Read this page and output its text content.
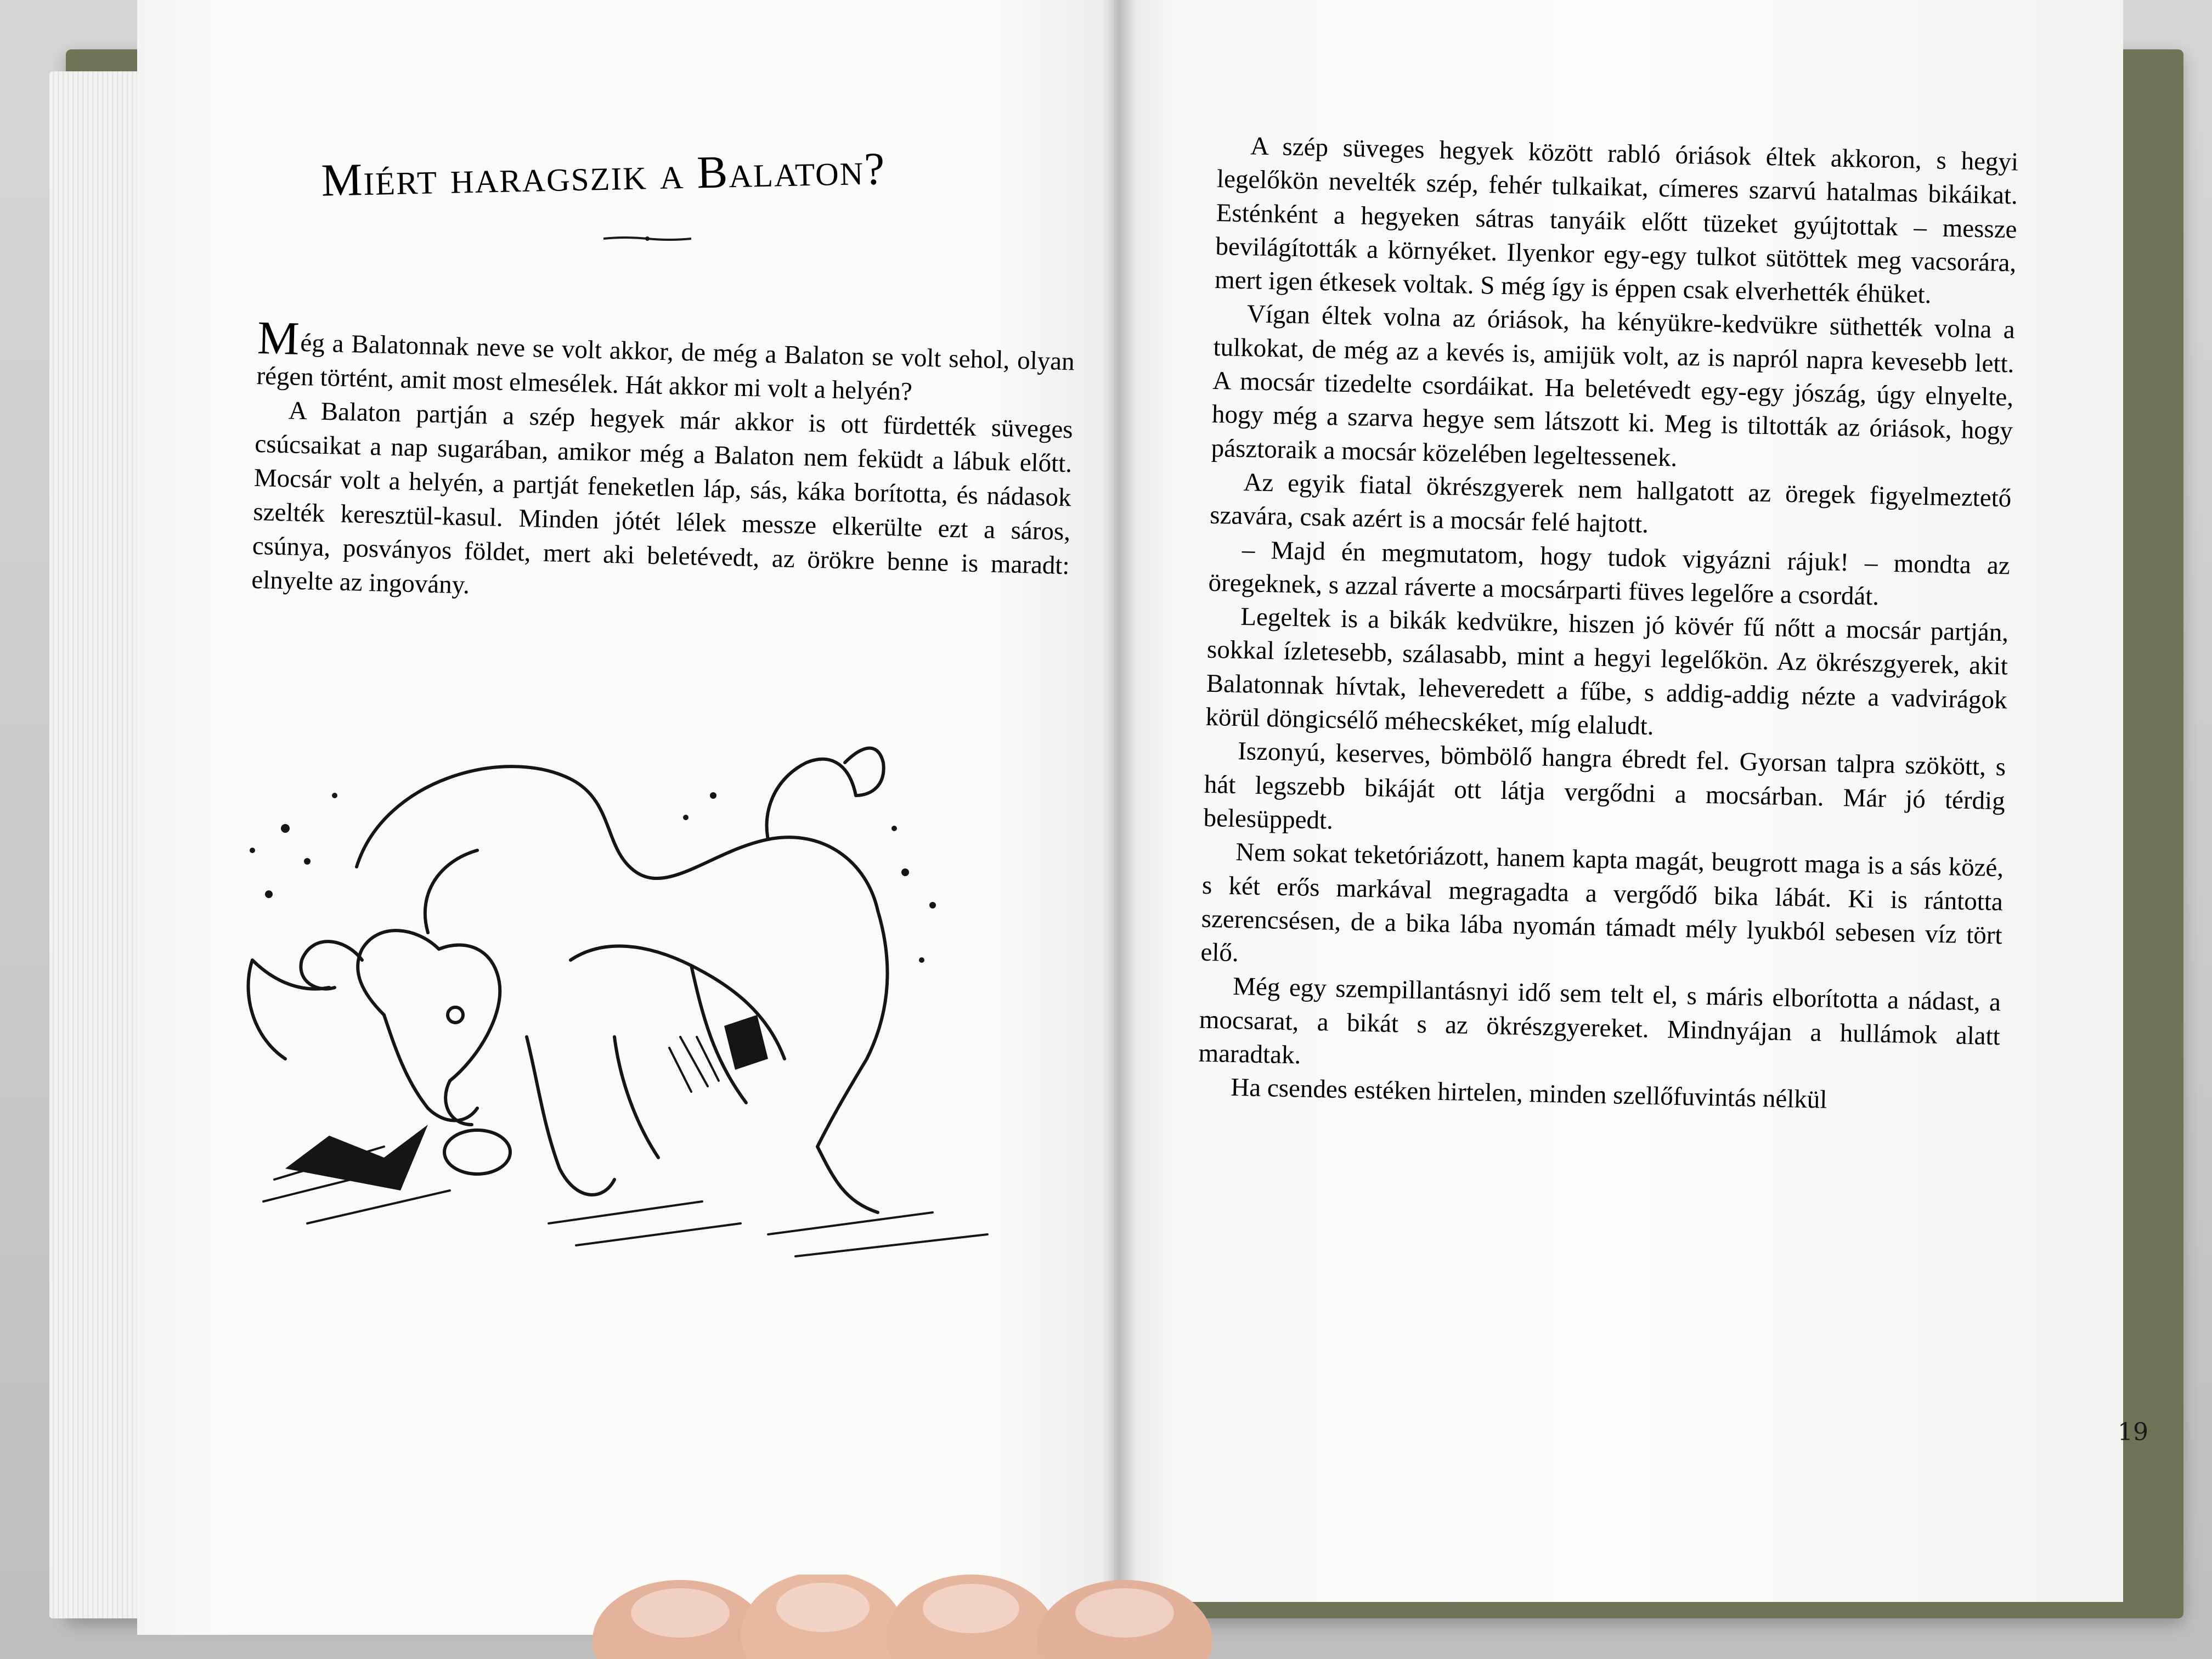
Miért haragszik a Balaton?

Még a Balatonnak neve se volt akkor, de még a Balaton se volt sehol, olyan régen történt, amit most elmesélek. Hát akkor mi volt a helyén?

A Balaton partján a szép hegyek már akkor is ott fürdették süveges csúcsaikat a nap sugarában, amikor még a Balaton nem feküdt a lábuk előtt. Mocsár volt a helyén, a partját feneketlen láp, sás, káka borította, és nádasok szelték keresztül-kasul. Minden jótét lélek messze elkerülte ezt a sáros, csúnya, posványos földet, mert aki beletévedt, az örökre benne is maradt: elnyelte az ingovány.

A szép süveges hegyek között rabló óriások éltek akkoron, s hegyi legelőkön nevelték szép, fehér tulkaikat, címeres szarvú hatalmas bikáikat. Esténként a hegyeken sátras tanyáik előtt tüzeket gyújtottak – messze bevilágították a környéket. Ilyenkor egy-egy tulkot sütöttek meg vacsorára, mert igen étkesek voltak. S még így is éppen csak elverhették éhüket.

Vígan éltek volna az óriások, ha kényükre-kedvükre süthették volna a tulkokat, de még az a kevés is, amijük volt, az is napról napra kevesebb lett. A mocsár tizedelte csordáikat. Ha beletévedt egy-egy jószág, úgy elnyelte, hogy még a szarva hegye sem látszott ki. Meg is tiltották az óriások, hogy pásztoraik a mocsár közelében legeltessenek.

Az egyik fiatal ökrészgyerek nem hallgatott az öregek figyelmeztető szavára, csak azért is a mocsár felé hajtott.

– Majd én megmutatom, hogy tudok vigyázni rájuk! – mondta az öregeknek, s azzal ráverte a mocsárparti füves legelőre a csordát.

Legeltek is a bikák kedvükre, hiszen jó kövér fű nőtt a mocsár partján, sokkal ízletesebb, szálasabb, mint a hegyi legelőkön. Az ökrészgyerek, akit Balatonnak hívtak, leheveredett a fűbe, s addig-addig nézte a vadvirágok körül döngicsélő méhecskéket, míg elaludt.

Iszonyú, keserves, bömbölő hangra ébredt fel. Gyorsan talpra szökött, s hát legszebb bikáját ott látja vergődni a mocsárban. Már jó térdig belesüppedt.

Nem sokat teketóriázott, hanem kapta magát, beugrott maga is a sás közé, s két erős markával megragadta a vergődő bika lábát. Ki is rántotta szerencsésen, de a bika lába nyomán támadt mély lyukból sebesen víz tört elő.

Még egy szempillantásnyi idő sem telt el, s máris elborította a nádast, a mocsarat, a bikát s az ökrészgyereket. Mindnyájan a hullámok alatt maradtak.

Ha csendes estéken hirtelen, minden szellőfuvintás nélkül

19
